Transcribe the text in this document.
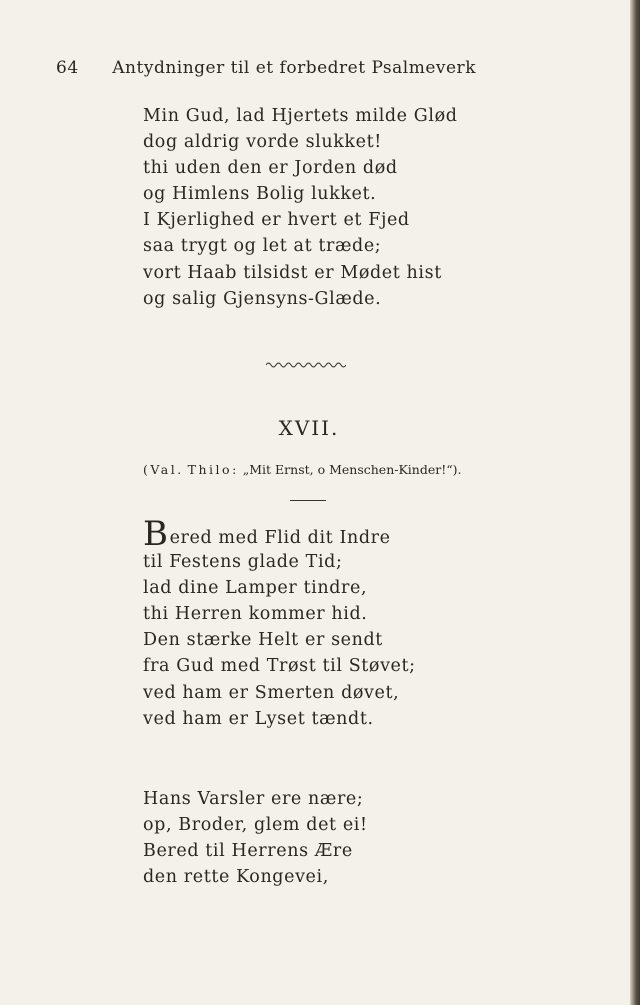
64 Antydninger til et forbedret Psalmeverk
Min Gud, lad Hjertets milde Glød
dog aldrig vorde slukket!
thi uden den er Jorden død
og Himlens Bolig lukket.
I Kjerlighed er hvert et Fjed
saa trygt og let at træde;
vort Haab tilsidst er Mødet hist
og salig Gjensyns-Glæde.
XVII.
(Val. Thilo: „Mit Ernst, o Menschen-Kinder!“).
Bered med Flid dit Indre
til Festens glade Tid;
lad dine Lamper tindre,
thi Herren kommer hid.
Den stærke Helt er sendt
fra Gud med Trøst til Støvet;
ved ham er Smerten døvet,
ved ham er Lyset tændt.
Hans Varsler ere nære;
op, Broder, glem det ei!
Bered til Herrens Ære
den rette Kongevei,
